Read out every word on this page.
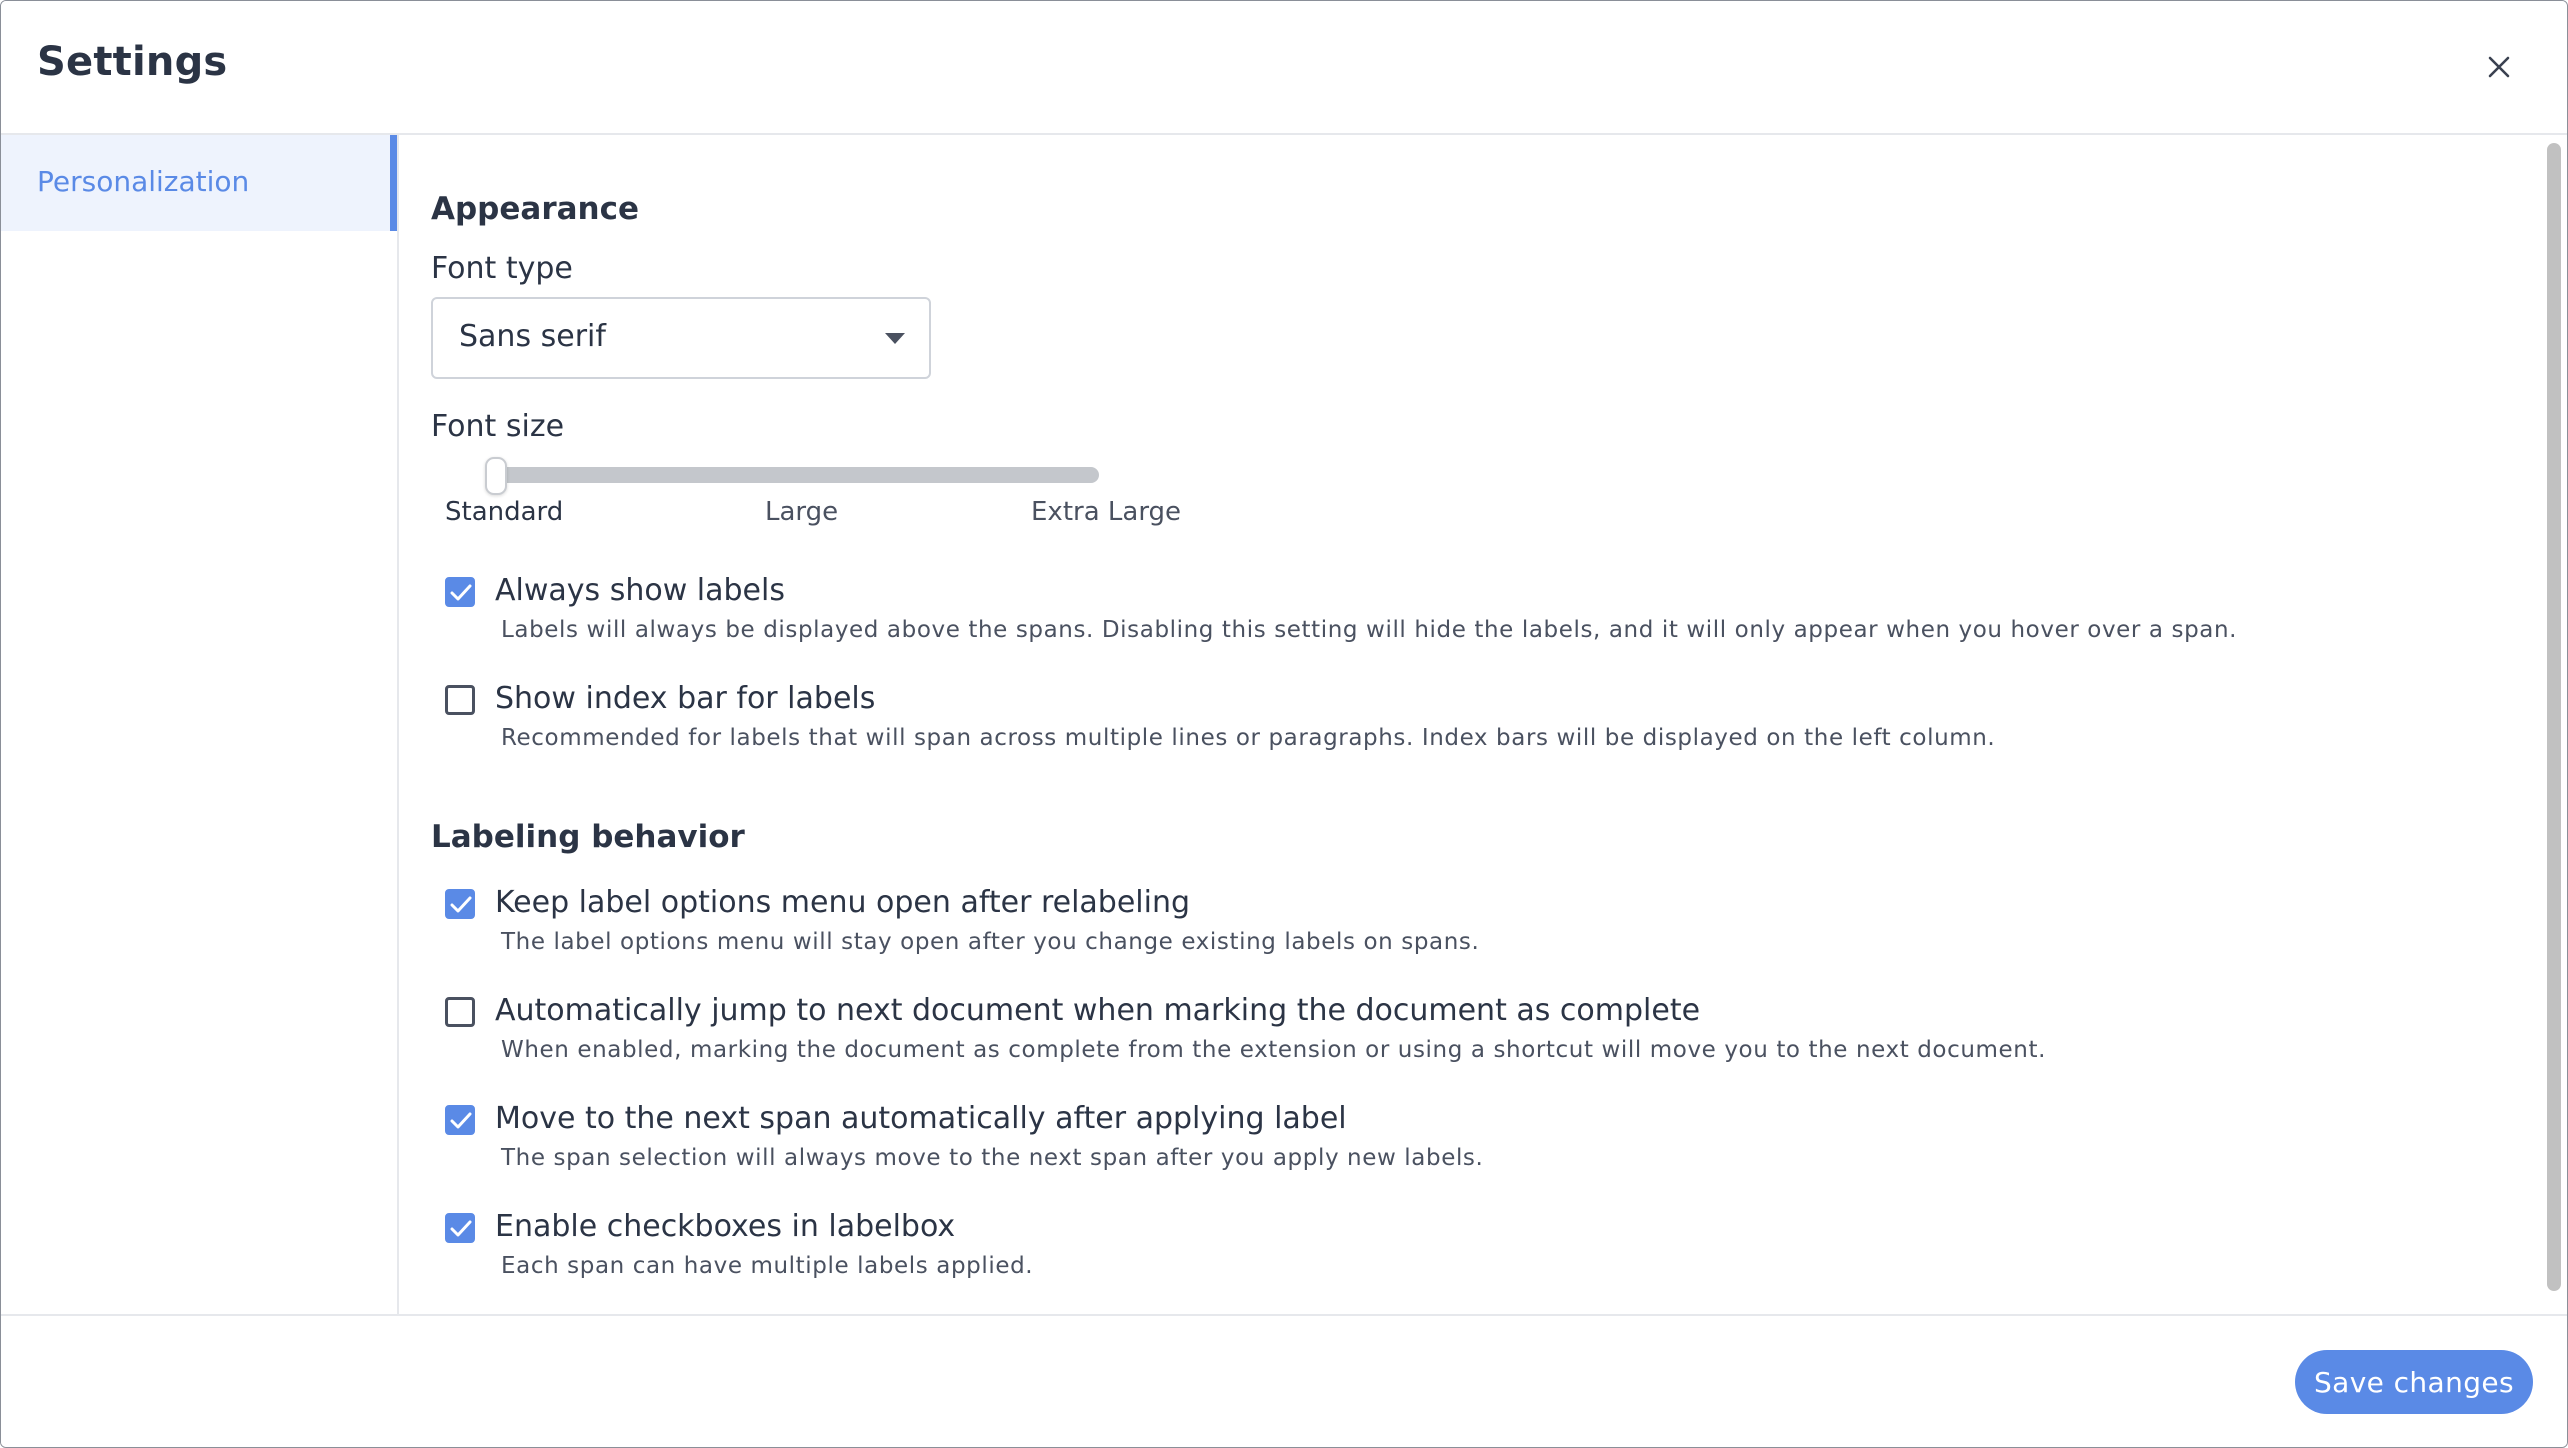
Settings
Personalization
Appearance
Font type
Sans serif
Font size
Standard	Large	Extra Large
Always show labels
Labels will always be displayed above the spans. Disabling this setting will hide the labels, and it will only appear when you hover over a span.
Show index bar for labels
Recommended for labels that will span across multiple lines or paragraphs. Index bars will be displayed on the left column.
Labeling behavior
Keep label options menu open after relabeling
The label options menu will stay open after you change existing labels on spans.
Automatically jump to next document when marking the document as complete
When enabled, marking the document as complete from the extension or using a shortcut will move you to the next document.
Move to the next span automatically after applying label
The span selection will always move to the next span after you apply new labels.
Enable checkboxes in labelbox
Each span can have multiple labels applied.
Save changes
